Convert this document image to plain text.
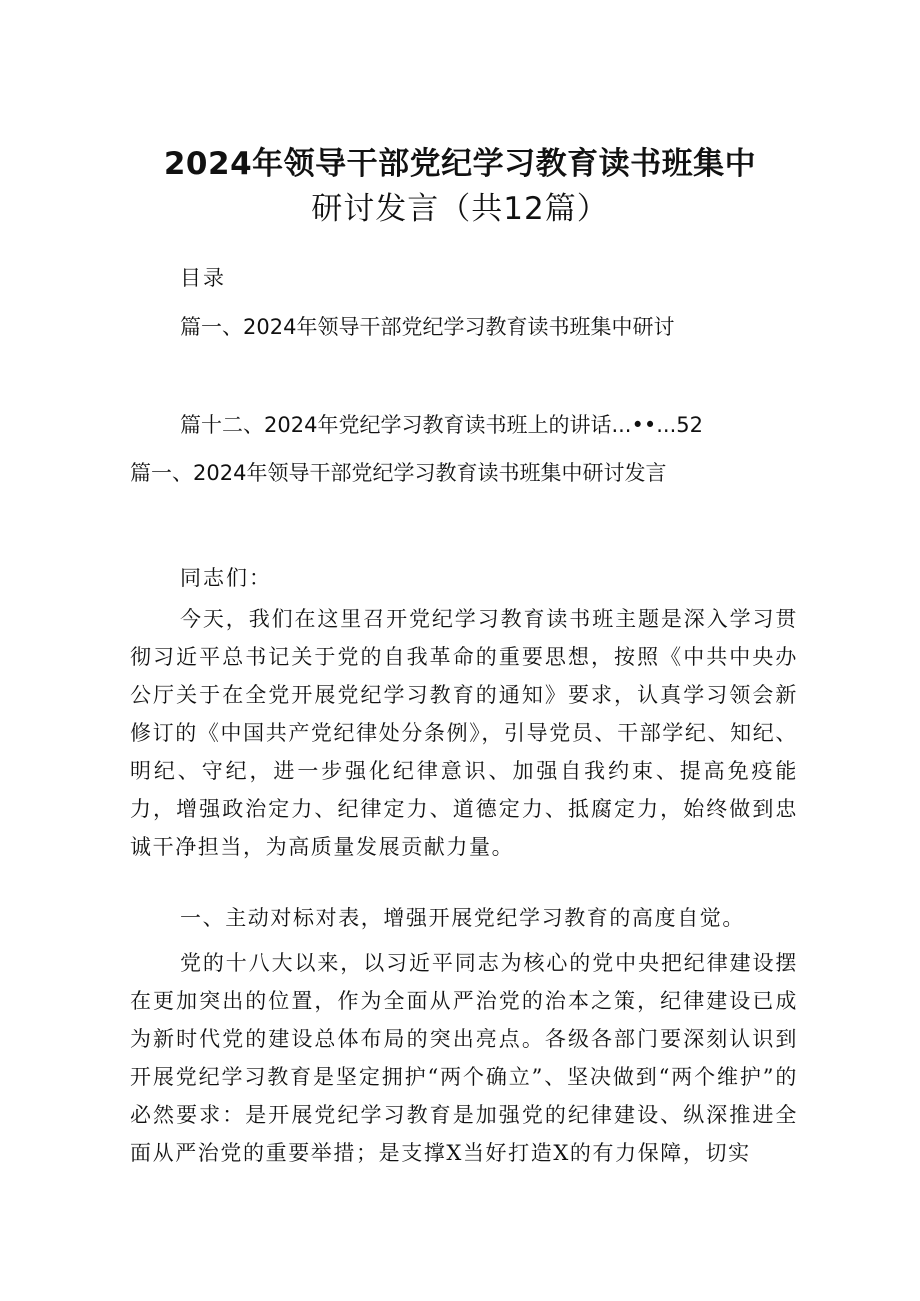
2024年领导干部党纪学习教育读书班集中
研讨发言（共12篇）
目录
篇一、2024年领导干部党纪学习教育读书班集中研讨
篇十二、2024年党纪学习教育读书班上的讲话...••...52
篇一、2024年领导干部党纪学习教育读书班集中研讨发言
同志们：
今天，我们在这里召开党纪学习教育读书班主题是深入学习贯彻习近平总书记关于党的自我革命的重要思想，按照《中共中央办公厅关于在全党开展党纪学习教育的通知》要求，认真学习领会新修订的《中国共产党纪律处分条例》，引导党员、干部学纪、知纪、明纪、守纪，进一步强化纪律意识、加强自我约束、提高免疫能力，增强政治定力、纪律定力、道德定力、抵腐定力，始终做到忠诚干净担当，为高质量发展贡献力量。
一、主动对标对表，增强开展党纪学习教育的高度自觉。
党的十八大以来，以习近平同志为核心的党中央把纪律建设摆在更加突出的位置，作为全面从严治党的治本之策，纪律建设已成为新时代党的建设总体布局的突出亮点。各级各部门要深刻认识到开展党纪学习教育是坚定拥护“两个确立”、坚决做到“两个维护”的必然要求：是开展党纪学习教育是加强党的纪律建设、纵深推进全面从严治党的重要举措；是支撑X当好打造X的有力保障，切实
